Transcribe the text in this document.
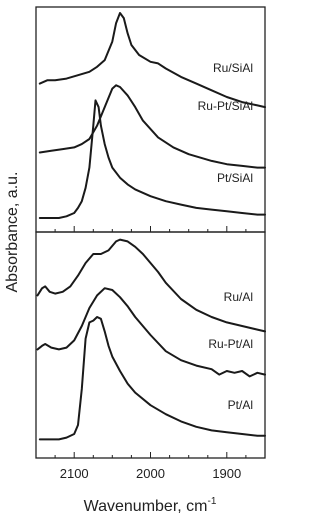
2100	2000	1900
Ru/SiAl
Ru-Pt/SiAl
Pt/SiAl
Ru/Al
Ru-Pt/Al
Pt/Al
Absorbance, a.u.
Wavenumber, $cm^{-1}$
